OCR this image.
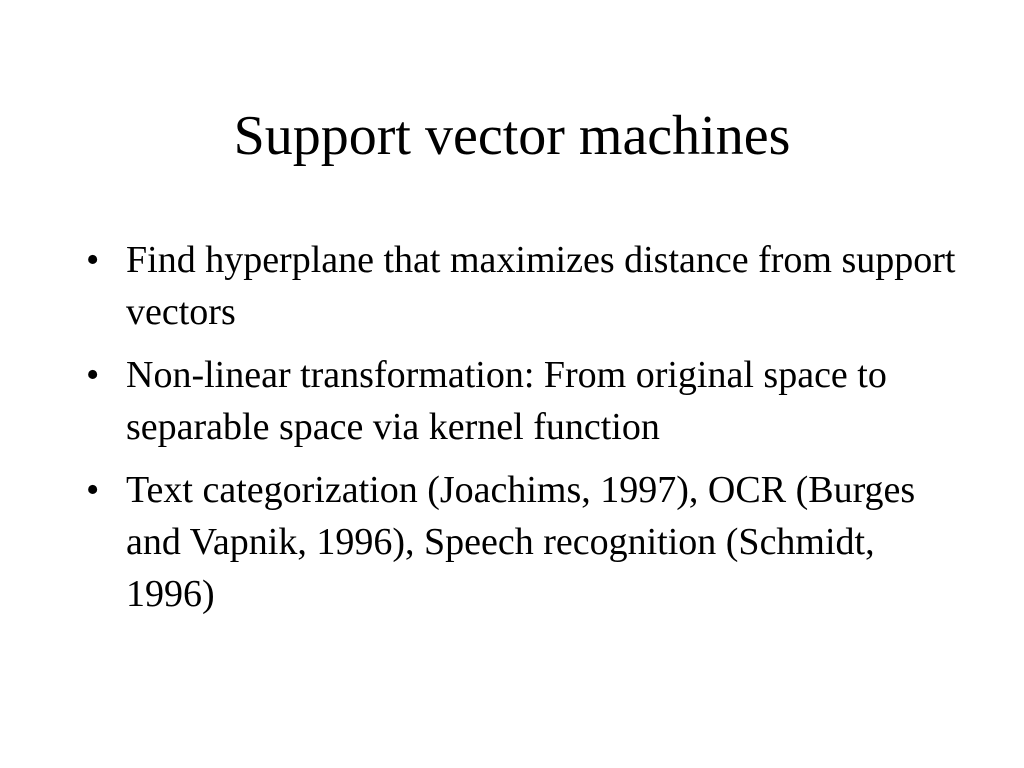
Support vector machines
• Find hyperplane that maximizes distance from support vectors
• Non-linear transformation: From original space to separable space via kernel function
• Text categorization (Joachims, 1997), OCR (Burges and Vapnik, 1996), Speech recognition (Schmidt, 1996)
